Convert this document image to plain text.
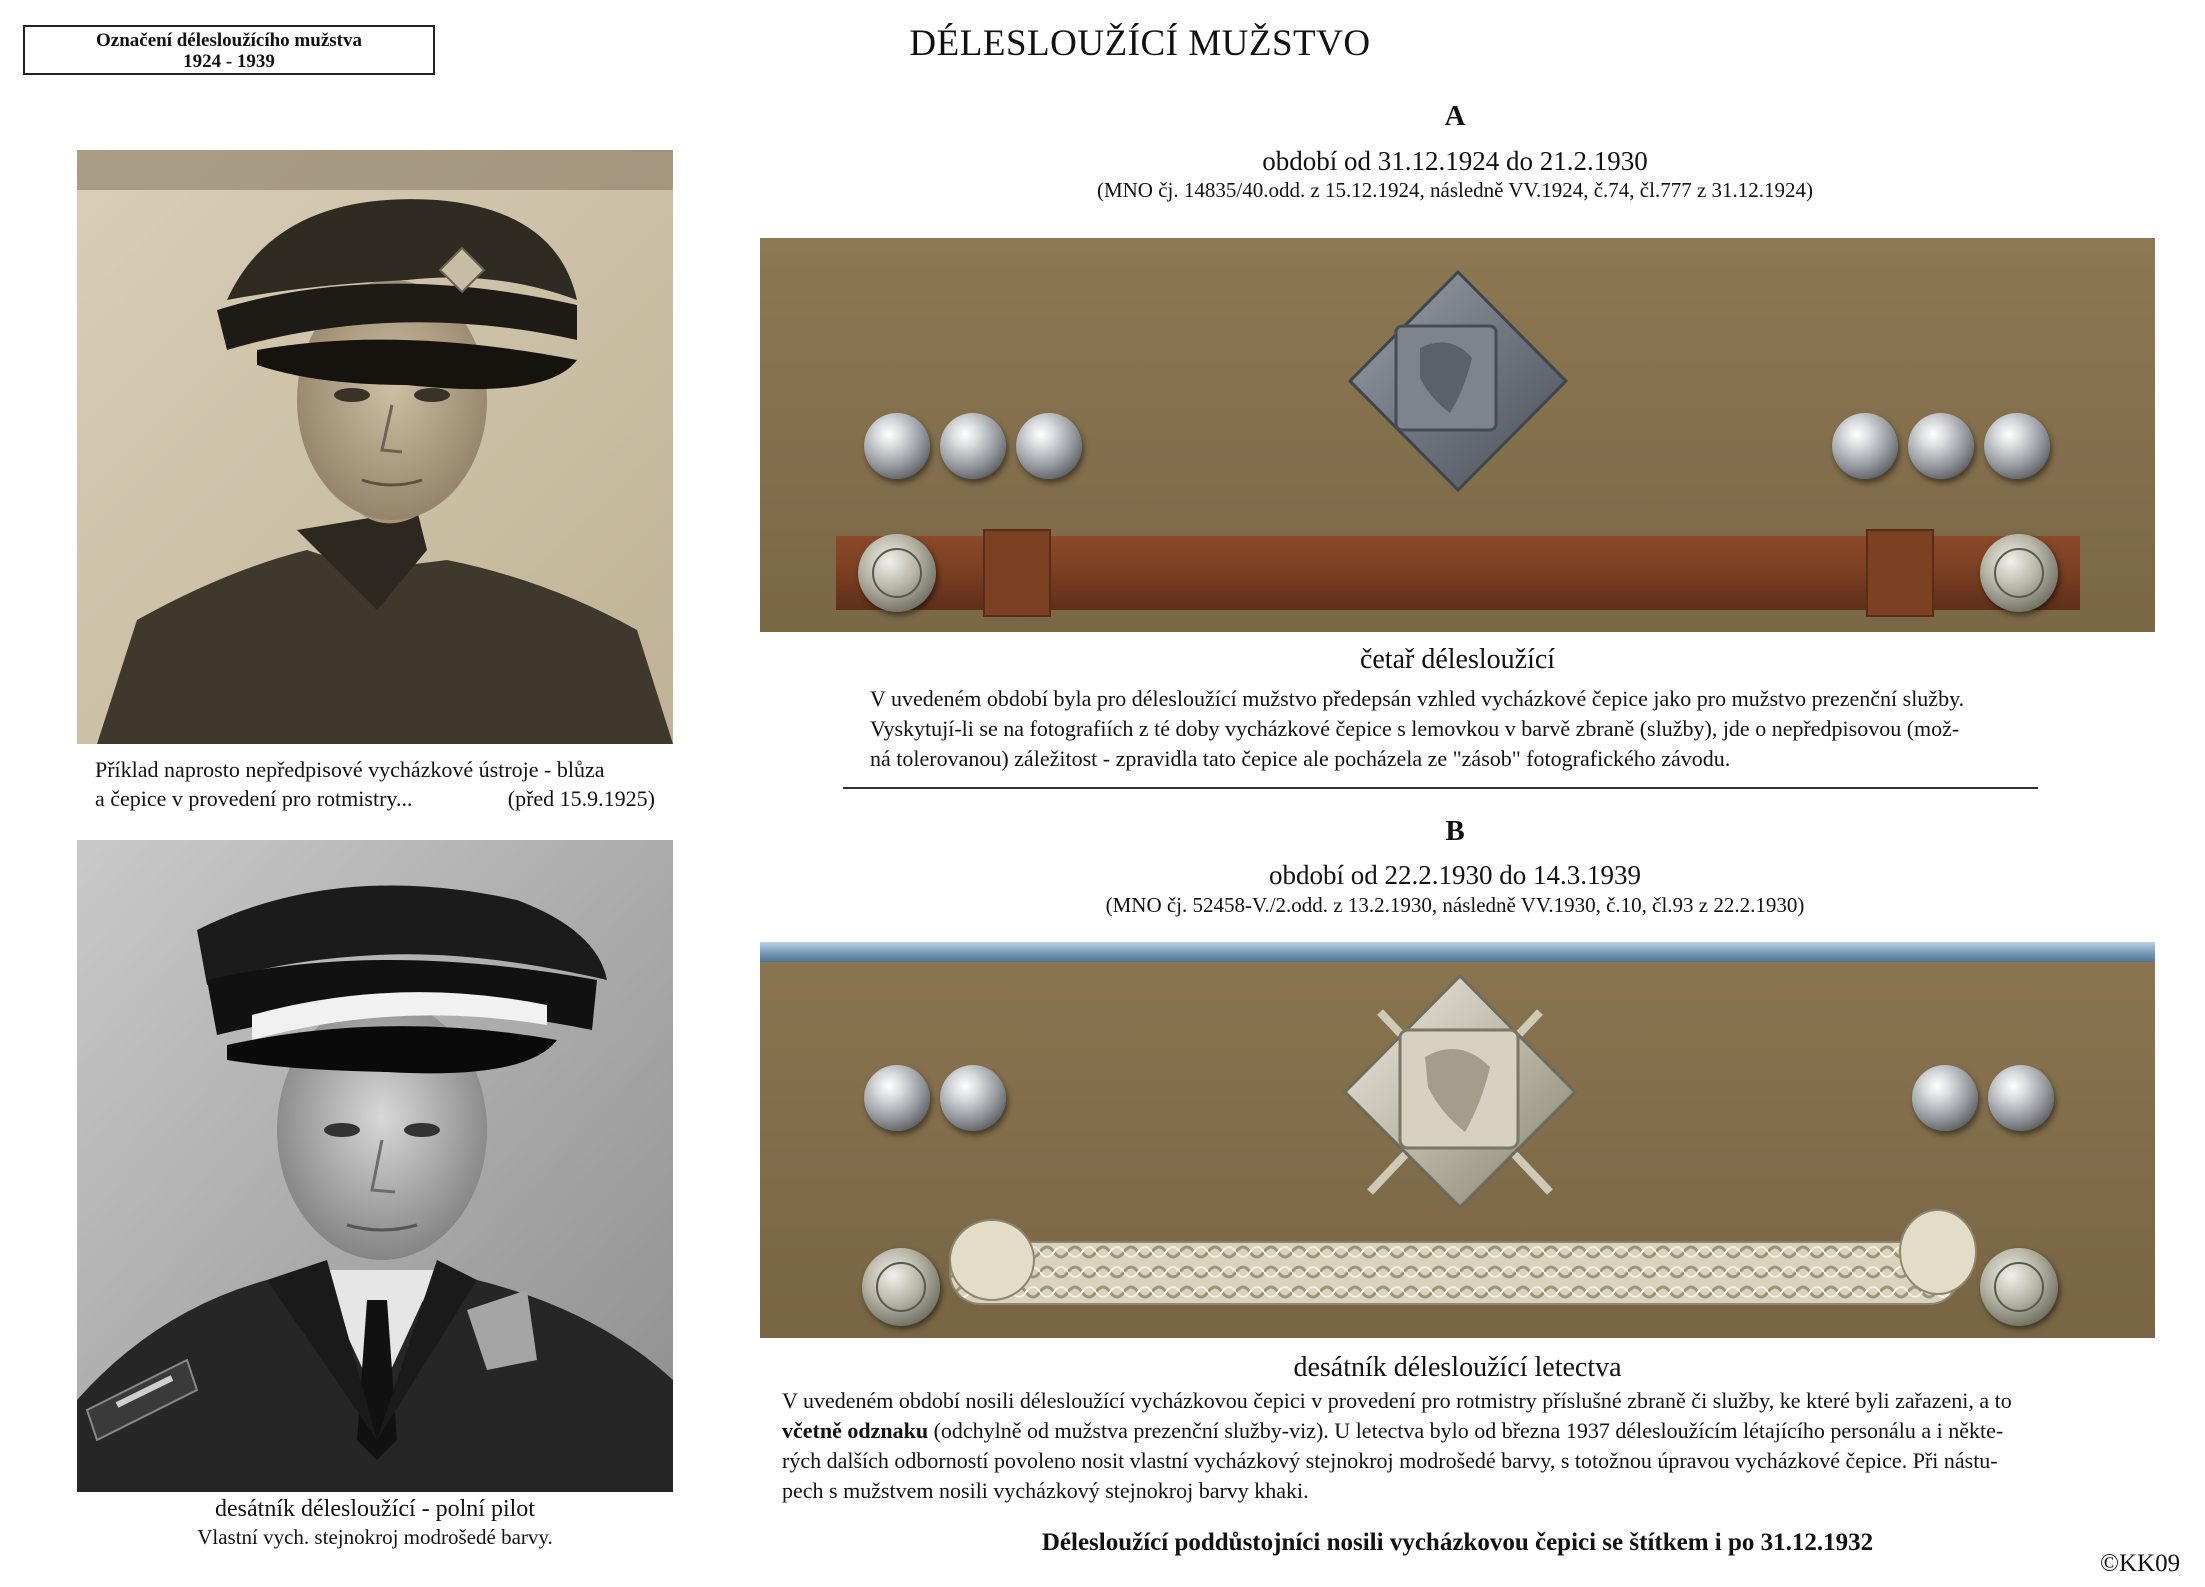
Označení délesloužícího mužstva
1924 - 1939	DÉLESLOUŽÍCÍ MUŽSTVO
Příklad naprosto nepředpisové vycházkové ústroje - blůza
a čepice v provedení pro rotmistry...	(před 15.9.1925)
desátník délesloužící - polní pilot
Vlastní vych. stejnokroj modrošedé barvy.
A
období od 31.12.1924 do 21.2.1930
(MNO čj. 14835/40.odd. z 15.12.1924, následně VV.1924, č.74, čl.777 z 31.12.1924)
četař délesloužící
V uvedeném období byla pro délesloužící mužstvo předepsán vzhled vycházkové čepice jako pro mužstvo prezenční služby.
Vyskytují-li se na fotografiích z té doby vycházkové čepice s lemovkou v barvě zbraně (služby), jde o nepředpisovou (mož-
ná tolerovanou) záležitost - zpravidla tato čepice ale pocházela ze "zásob" fotografického závodu.
B
období od 22.2.1930 do 14.3.1939
(MNO čj. 52458-V./2.odd. z 13.2.1930, následně VV.1930, č.10, čl.93 z 22.2.1930)
desátník délesloužící letectva
V uvedeném období nosili délesloužící vycházkovou čepici v provedení pro rotmistry příslušné zbraně či služby, ke které byli zařazeni, a to
včetně odznaku (odchylně od mužstva prezenční služby-viz). U letectva bylo od března 1937 délesloužícím létajícího personálu a i někte-
rých dalších odborností povoleno nosit vlastní vycházkový stejnokroj modrošedé barvy, s totožnou úpravou vycházkové čepice. Při nástu-
pech s mužstvem nosili vycházkový stejnokroj barvy khaki.
Délesloužící poddůstojníci nosili vycházkovou čepici se štítkem i po 31.12.1932
©KK09
